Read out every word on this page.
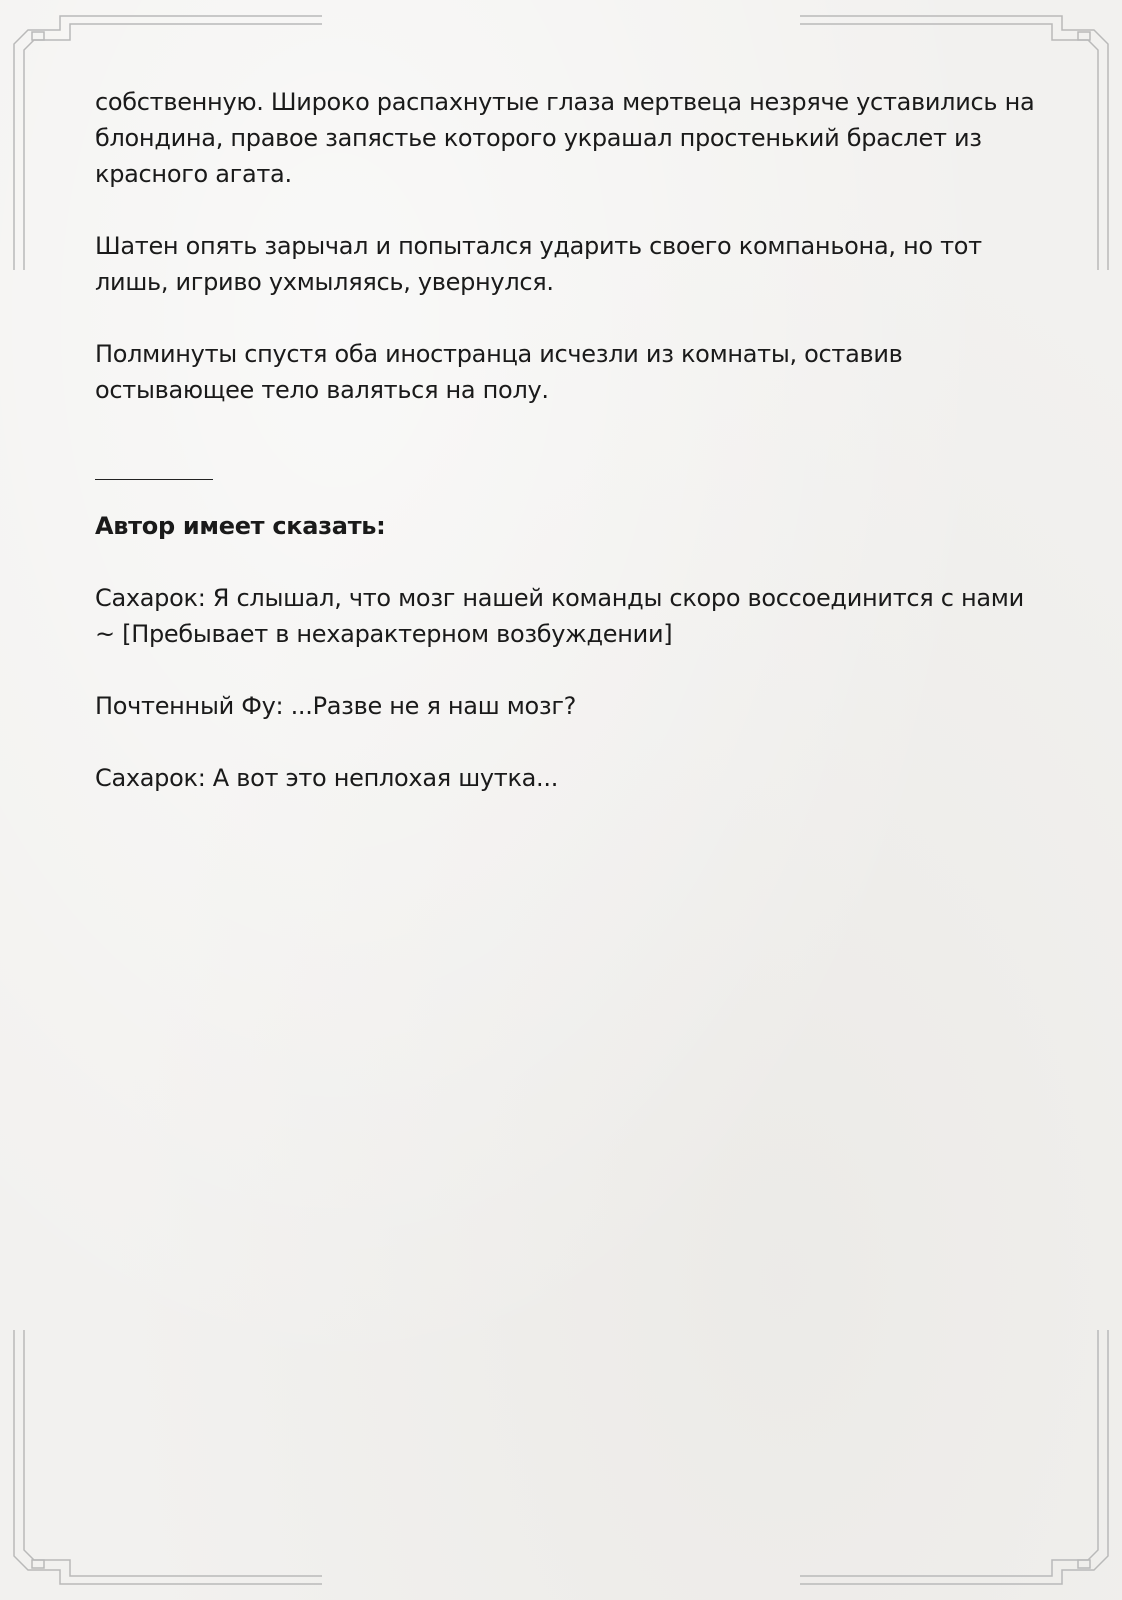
собственную. Широко распахнутые глаза мертвеца незряче уставились на блондина, правое запястье которого украшал простенький браслет из красного агата.

Шатен опять зарычал и попытался ударить своего компаньона, но тот лишь, игриво ухмыляясь, увернулся.

Полминуты спустя оба иностранца исчезли из комнаты, оставив остывающее тело валяться на полу.

Автор имеет сказать:

Сахарок: Я слышал, что мозг нашей команды скоро воссоединится с нами ~ [Пребывает в нехарактерном возбуждении]

Почтенный Фу: ...Разве не я наш мозг?

Сахарок: А вот это неплохая шутка...
